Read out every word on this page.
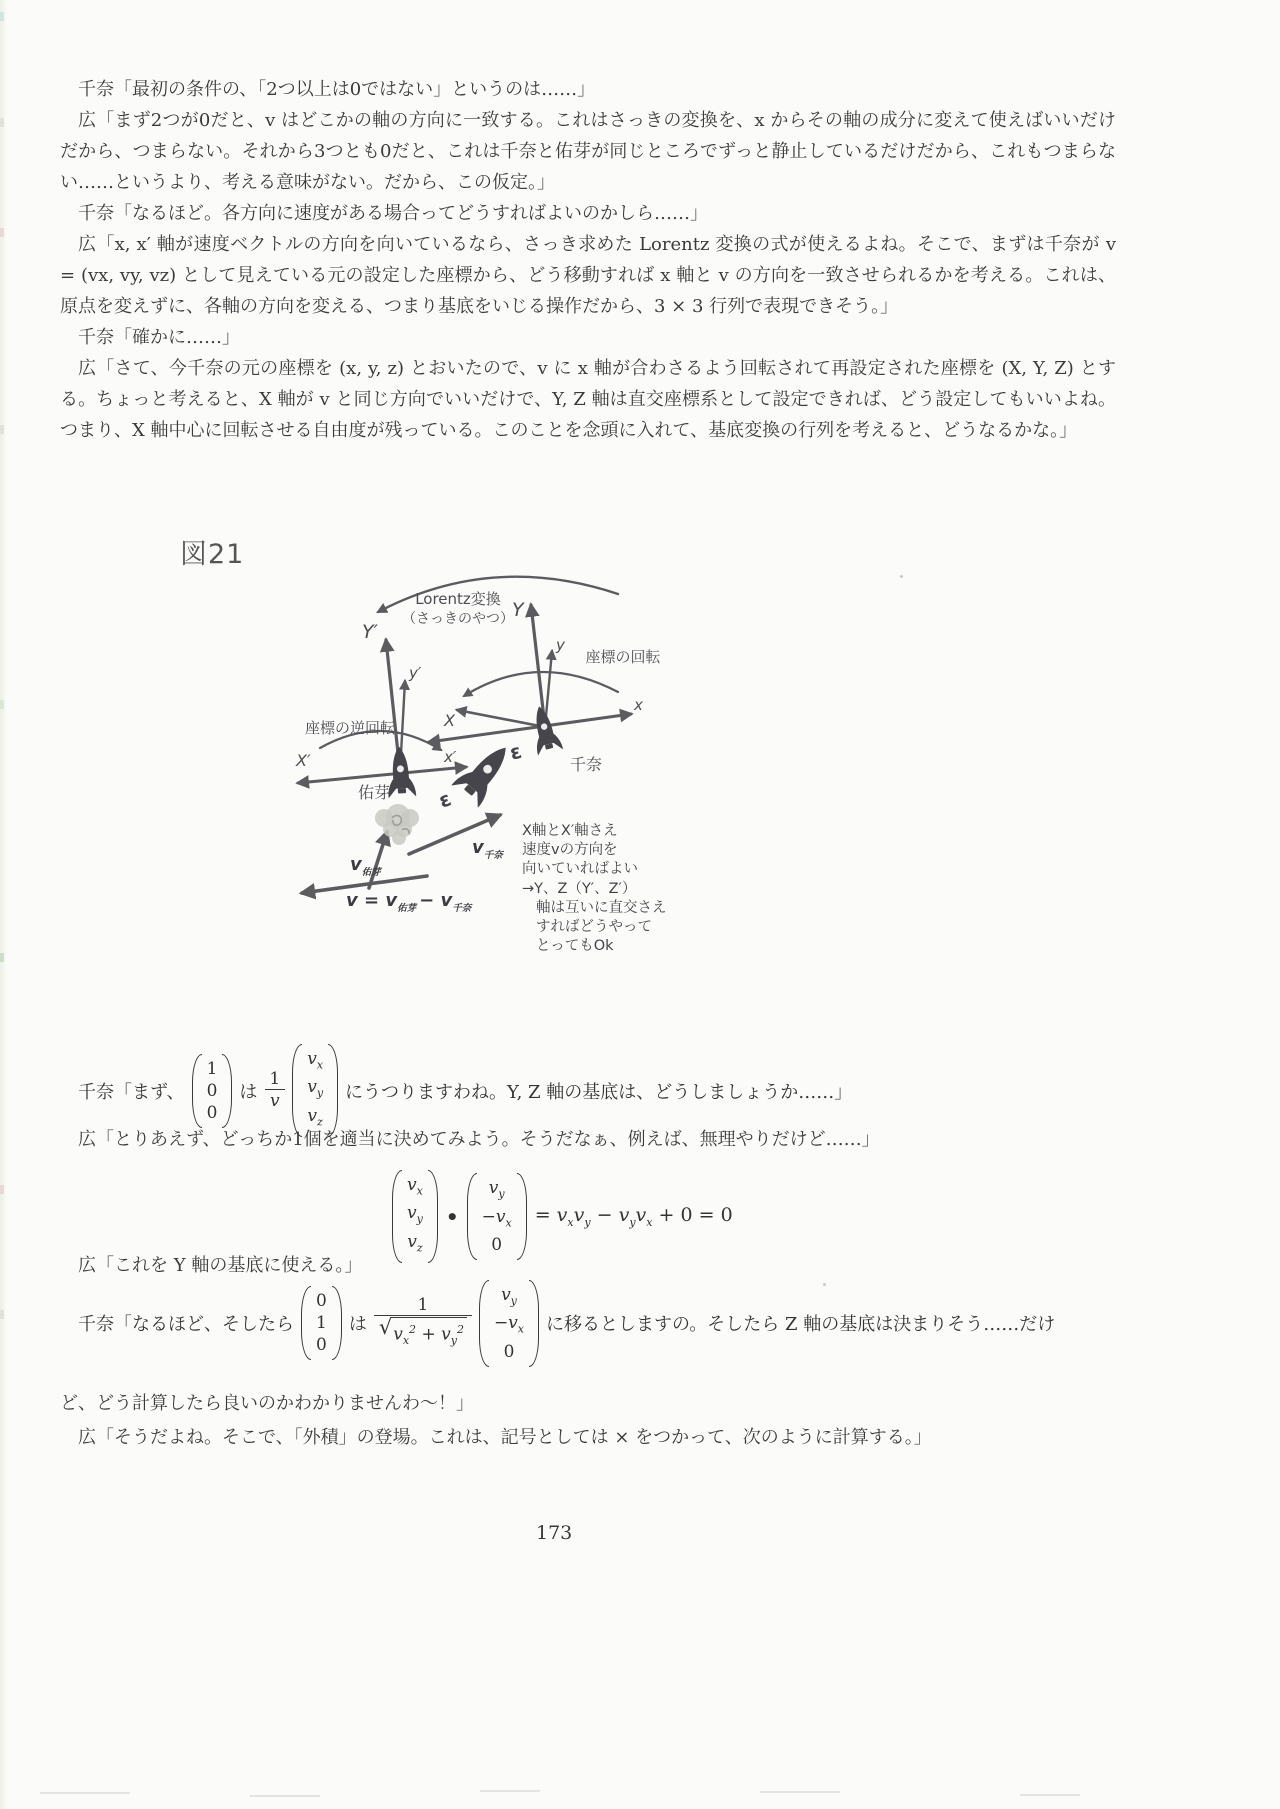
千奈「最初の条件の、「2つ以上は0ではない」というのは……」

広「まず2つが0だと、v はどこかの軸の方向に一致する。これはさっきの変換を、x からその軸の成分に変えて使えばいいだけだから、つまらない。それから3つとも0だと、これは千奈と佑芽が同じところでずっと静止しているだけだから、これもつまらない……というより、考える意味がない。だから、この仮定。」

千奈「なるほど。各方向に速度がある場合ってどうすればよいのかしら……」

広「x, x′ 軸が速度ベクトルの方向を向いているなら、さっき求めた Lorentz 変換の式が使えるよね。そこで、まずは千奈が v = (vx, vy, vz) として見えている元の設定した座標から、どう移動すれば x 軸と v の方向を一致させられるかを考える。これは、原点を変えずに、各軸の方向を変える、つまり基底をいじる操作だから、3 × 3 行列で表現できそう。」

千奈「確かに……」

広「さて、今千奈の元の座標を (x, y, z) とおいたので、v に x 軸が合わさるよう回転されて再設定された座標を (X, Y, Z) とする。ちょっと考えると、X 軸が v と同じ方向でいいだけで、Y, Z 軸は直交座標系として設定できれば、どう設定してもいいよね。つまり、X 軸中心に回転させる自由度が残っている。このことを念頭に入れて、基底変換の行列を考えると、どうなるかな。」

図21
ε
ε
Lorentz変換
（さっきのやつ）
座標の回転
座標の逆回転
千奈
佑芽
Y
y
x
X
Y′
y′
X′	x′
$v_{佑芽}$
$v_{千奈}$
$v = v_{佑芽} - v_{千奈}$
X軸とX′軸さえ
速度vの方向を
向いていればよい
→Y、Z（Y′、Z′）
軸は互いに直交さえ
すればどうやって
とってもOk
千奈「まず、
1
0
0
は $\frac{1}{v}$
$v_x$
$v_y$
$v_z$
にうつりますわね。Y, Z 軸の基底は、どうしましょうか……」
広「とりあえず、どっちか1個を適当に決めてみよう。そうだなぁ、例えば、無理やりだけど……」
$v_x$
$v_y$
$v_z$
•
$v_y$
$-v_x$
0
= $v_xv_y - v_yv_x + 0 = 0$
広「これを Y 軸の基底に使える。」
千奈「なるほど、そしたら
0
1
0
は $\frac{1}{√ v_x^2 + v_y^2} v_y$
$-v_x$
0
に移るとしますの。そしたら Z 軸の基底は決まりそう……だけ
ど、どう計算したら良いのかわかりませんわ〜！」
広「そうだよね。そこで、「外積」の登場。これは、記号としては × をつかって、次のように計算する。」
173
